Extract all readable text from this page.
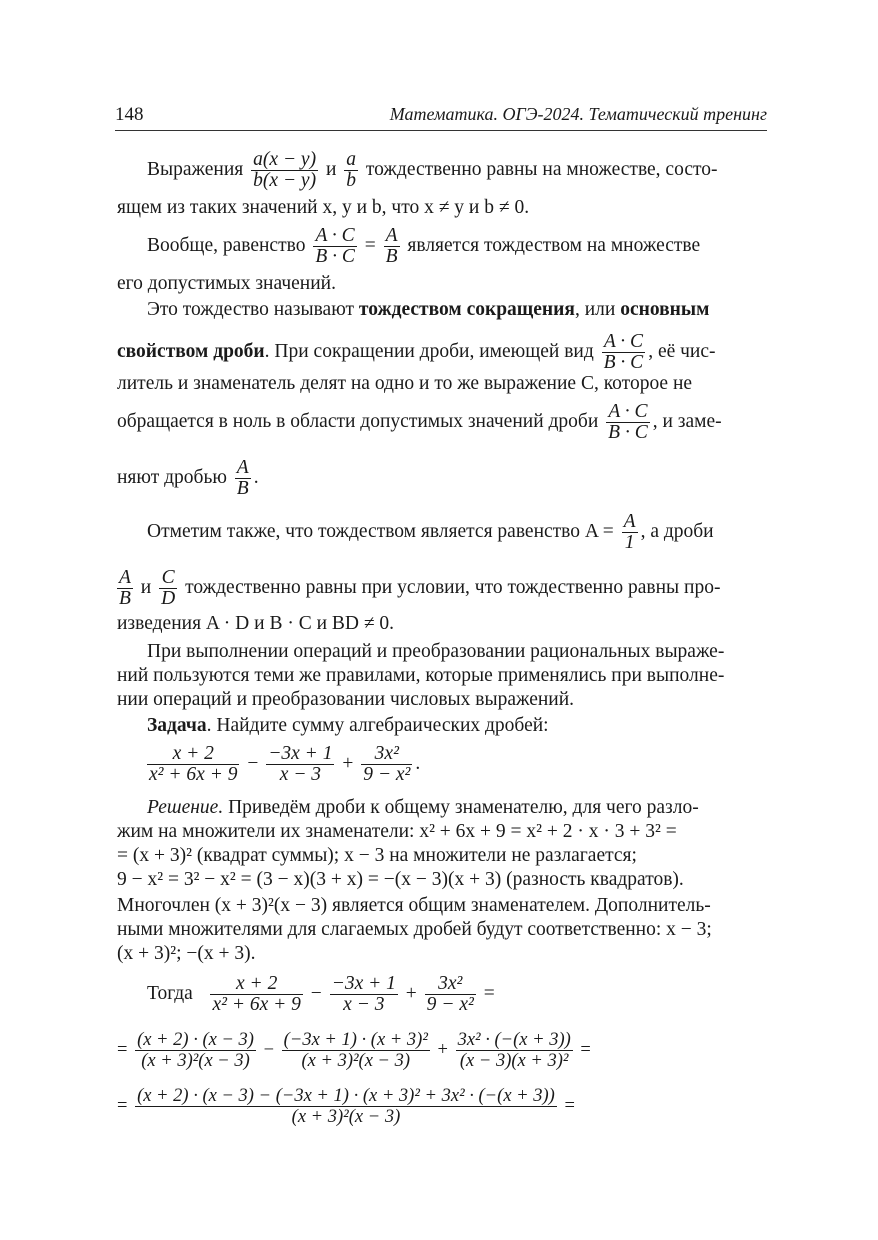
148	Математика. ОГЭ-2024. Тематический тренинг
Выражения $\frac{a(x - y)}{b(x - y)}$ и $\frac{a}{b}$ тождественно равны на множестве, состо-
ящем из таких значений x, y и b, что x ≠ y и b ≠ 0.
Вообще, равенство $\frac{A \cdot C}{B \cdot C} = \frac{A}{B}$ является тождеством на множестве
его допустимых значений.
Это тождество называют тождеством сокращения, или основным
свойством дроби. При сокращении дроби, имеющей вид $\frac{A \cdot C}{B \cdot C}$ , её чис-
литель и знаменатель делят на одно и то же выражение C, которое не
обращается в ноль в области допустимых значений дроби $\frac{A \cdot C}{B \cdot C}$ , и заме-
няют дробью $\frac{A}{B}$ .
Отметим также, что тождеством является равенство $A = \frac{A}{1}$ , а дроби
$\frac{A}{B}$ и $\frac{C}{D}$ тождественно равны при условии, что тождественно равны про-
изведения A · D и B · C и BD ≠ 0.
При выполнении операций и преобразовании рациональных выраже-
ний пользуются теми же правилами, которые применялись при выполне-
нии операций и преобразовании числовых выражений.
Задача. Найдите сумму алгебраических дробей:
$\frac{x + 2}{\text{x² + 6x + 9}} - \frac{-3x + 1}{x - 3} + \frac{\text{3x²}}{\text{9 − x²}}$ .
Решение. Приведём дроби к общему знаменателю, для чего разло-
жим на множители их знаменатели: x² + 6x + 9 = x² + 2 · x · 3 + 3² =
= (x + 3)² (квадрат суммы); x − 3 на множители не разлагается;
9 − x² = 3² − x² = (3 − x)(3 + x) = −(x − 3)(x + 3) (разность квадратов).
Многочлен (x + 3)²(x − 3) является общим знаменателем. Дополнитель-
ными множителями для слагаемых дробей будут соответственно: x − 3;
(x + 3)²; −(x + 3).
Тогда $\frac{x + 2}{\text{x² + 6x + 9}} - \frac{-3x + 1}{x - 3} + \frac{\text{3x²}}{\text{9 − x²}}$ =
= $\frac{(x + 2) \cdot (x - 3)}{\text{(x + 3)²(x − 3)}} - \frac{\text{(−3x + 1) · (x + 3)²}}{\text{(x + 3)²(x − 3)}} + \frac{\text{3x² · (−(x + 3))}}{\text{(x − 3)(x + 3)²}}$ =
= $\frac{\text{(x + 2) · (x − 3) − (−3x + 1) · (x + 3)² + 3x² · (−(x + 3))}}{\text{(x + 3)²(x − 3)}}$ =
